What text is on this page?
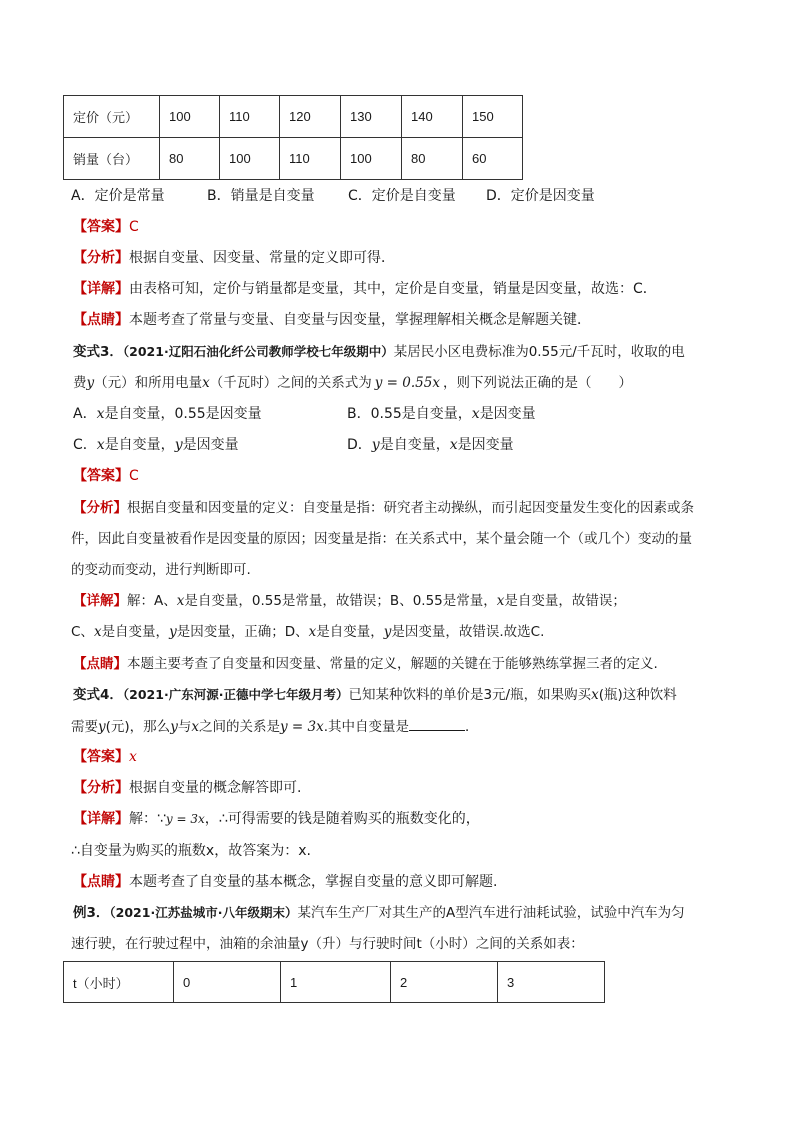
定价（元）	100	110	120	130	140	150
销量（台）	80	100	110	100	80	60
A．定价是常量	B．销量是自变量 C．定价是自变量 D．定价是因变量
【答案】C
【分析】根据自变量、因变量、常量的定义即可得．
【详解】由表格可知，定价与销量都是变量，其中，定价是自变量，销量是因变量，故选：C．
【点睛】本题考查了常量与变量、自变量与因变量，掌握理解相关概念是解题关键．
变式3．（2021·辽阳石油化纤公司教师学校七年级期中）某居民小区电费标准为0.55元/千瓦时，收取的电
费y（元）和所用电量x（千瓦时）之间的关系式为 y = 0.55x ，则下列说法正确的是（　　）
A．x是自变量，0.55是因变量	B．0.55是自变量，x是因变量
C．x是自变量，y是因变量	D．y是自变量，x是因变量
【答案】C
【分析】根据自变量和因变量的定义：自变量是指：研究者主动操纵，而引起因变量发生变化的因素或条
件，因此自变量被看作是因变量的原因；因变量是指：在关系式中，某个量会随一个（或几个）变动的量
的变动而变动，进行判断即可.
【详解】解：A、x是自变量，0.55是常量，故错误；B、0.55是常量，x是自变量，故错误；
C、x是自变量，y是因变量，正确；D、x是自变量，y是因变量，故错误.故选C.
【点睛】本题主要考查了自变量和因变量、常量的定义，解题的关键在于能够熟练掌握三者的定义.
变式4．（2021·广东河源·正德中学七年级月考）已知某种饮料的单价是3元/瓶，如果购买x(瓶)这种饮料
需要y(元)，那么y与x之间的关系是y = 3x.其中自变量是	．
【答案】x
【分析】根据自变量的概念解答即可.
【详解】解：∵y = 3x，∴可得需要的钱是随着购买的瓶数变化的，
∴自变量为购买的瓶数x，故答案为：x.
【点睛】本题考查了自变量的基本概念，掌握自变量的意义即可解题.
例3．（2021·江苏盐城市·八年级期末）某汽车生产厂对其生产的A型汽车进行油耗试验，试验中汽车为匀
速行驶，在行驶过程中，油箱的余油量y（升）与行驶时间t（小时）之间的关系如表：
t（小时）	0	1	2	3
